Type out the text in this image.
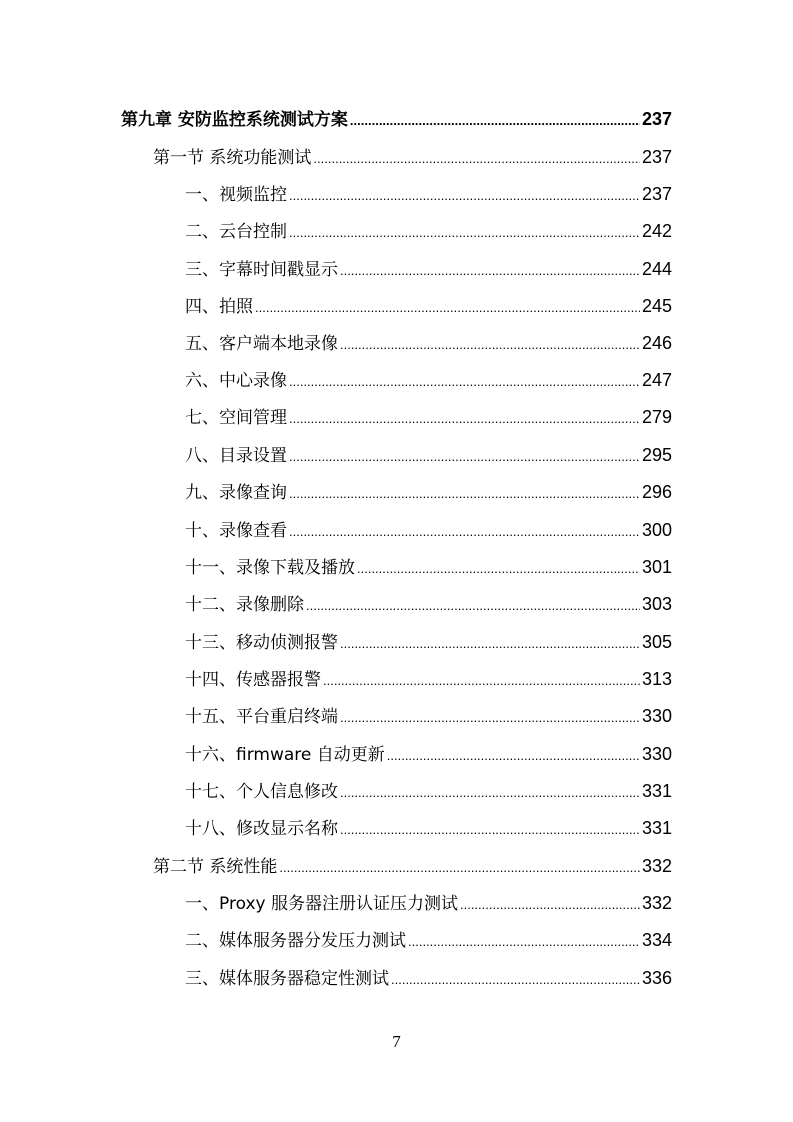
第九章 安防监控系统测试方案 .....	237
第一节 系统功能测试 .....	237
一、视频监控 .....	237
二、云台控制 .....	242
三、字幕时间戳显示 .....	244
四、拍照 .....	245
五、客户端本地录像 .....	246
六、中心录像 .....	247
七、空间管理 .....	279
八、目录设置 .....	295
九、录像查询 .....	296
十、录像查看 .....	300
十一、录像下载及播放 .....	301
十二、录像删除 .....	303
十三、移动侦测报警 .....	305
十四、传感器报警 .....	313
十五、平台重启终端 .....	330
十六、firmware 自动更新 .....	330
十七、个人信息修改 .....	331
十八、修改显示名称 .....	331
第二节 系统性能 .....	332
一、Proxy 服务器注册认证压力测试 .....	332
二、媒体服务器分发压力测试 .....	334
三、媒体服务器稳定性测试 .....	336
7
